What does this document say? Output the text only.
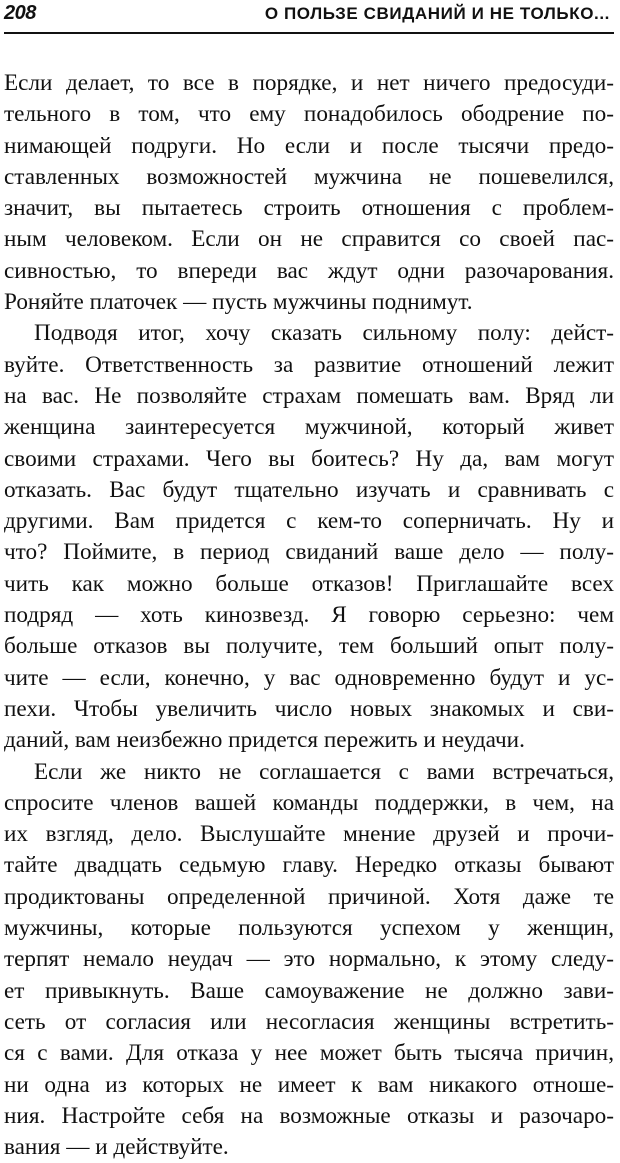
208	О ПОЛЬЗЕ СВИДАНИЙ И НЕ ТОЛЬКО...

Если делает, то все в порядке, и нет ничего предосуди-
тельного в том, что ему понадобилось ободрение по-
нимающей подруги. Но если и после тысячи предо-
ставленных возможностей мужчина не пошевелился,
значит, вы пытаетесь строить отношения с проблем-
ным человеком. Если он не справится со своей пас-
сивностью, то впереди вас ждут одни разочарования.
Роняйте платочек — пусть мужчины поднимут.

Подводя итог, хочу сказать сильному полу: дейст-
вуйте. Ответственность за развитие отношений лежит
на вас. Не позволяйте страхам помешать вам. Вряд ли
женщина заинтересуется мужчиной, который живет
своими страхами. Чего вы боитесь? Ну да, вам могут
отказать. Вас будут тщательно изучать и сравнивать с
другими. Вам придется с кем-то соперничать. Ну и
что? Поймите, в период свиданий ваше дело — полу-
чить как можно больше отказов! Приглашайте всех
подряд — хоть кинозвезд. Я говорю серьезно: чем
больше отказов вы получите, тем больший опыт полу-
чите — если, конечно, у вас одновременно будут и ус-
пехи. Чтобы увеличить число новых знакомых и сви-
даний, вам неизбежно придется пережить и неудачи.

Если же никто не соглашается с вами встречаться,
спросите членов вашей команды поддержки, в чем, на
их взгляд, дело. Выслушайте мнение друзей и прочи-
тайте двадцать седьмую главу. Нередко отказы бывают
продиктованы определенной причиной. Хотя даже те
мужчины, которые пользуются успехом у женщин,
терпят немало неудач — это нормально, к этому следу-
ет привыкнуть. Ваше самоуважение не должно зави-
сеть от согласия или несогласия женщины встретить-
ся с вами. Для отказа у нее может быть тысяча причин,
ни одна из которых не имеет к вам никакого отноше-
ния. Настройте себя на возможные отказы и разочаро-
вания — и действуйте.
